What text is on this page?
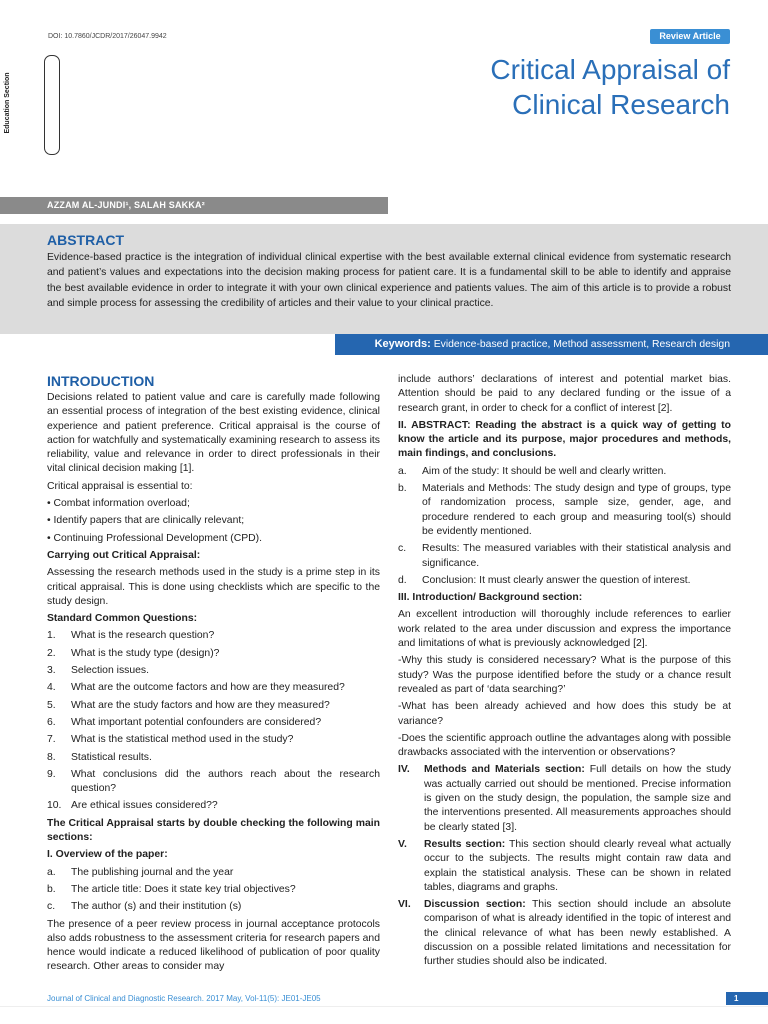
DOI: 10.7860/JCDR/2017/26047.9942	Review Article
Critical Appraisal of
Clinical Research
Education Section
AZZAM AL-JUNDI¹, SALAH SAKKA²
ABSTRACT
Evidence-based practice is the integration of individual clinical expertise with the best available external clinical evidence from systematic research and patient’s values and expectations into the decision making process for patient care. It is a fundamental skill to be able to identify and appraise the best available evidence in order to integrate it with your own clinical experience and patients values. The aim of this article is to provide a robust and simple process for assessing the credibility of articles and their value to your clinical practice.
Keywords: Evidence-based practice, Method assessment, Research design
INTRODUCTION

Decisions related to patient value and care is carefully made following an essential process of integration of the best existing evidence, clinical experience and patient preference. Critical appraisal is the course of action for watchfully and systematically examining research to assess its reliability, value and relevance in order to direct professionals in their vital clinical decision making [1].

Critical appraisal is essential to:

• Combat information overload;

• Identify papers that are clinically relevant;

• Continuing Professional Development (CPD).

Carrying out Critical Appraisal:

Assessing the research methods used in the study is a prime step in its critical appraisal. This is done using checklists which are specific to the study design.

Standard Common Questions:

1.	What is the research question?
2.	What is the study type (design)?
3.	Selection issues.
4.	What are the outcome factors and how are they measured?
5.	What are the study factors and how are they measured?
6.	What important potential confounders are considered?
7.	What is the statistical method used in the study?
8.	Statistical results.
9.	What conclusions did the authors reach about the research question?
10. Are ethical issues considered??

The Critical Appraisal starts by double checking the following main sections:

I. Overview of the paper:

a.	The publishing journal and the year
b.	The article title: Does it state key trial objectives?
c.	The author (s) and their institution (s)

The presence of a peer review process in journal acceptance protocols also adds robustness to the assessment criteria for research papers and hence would indicate a reduced likelihood of publication of poor quality research. Other areas to consider may

include authors’ declarations of interest and potential market bias. Attention should be paid to any declared funding or the issue of a research grant, in order to check for a conflict of interest [2].

II. ABSTRACT: Reading the abstract is a quick way of getting to know the article and its purpose, major procedures and methods, main findings, and conclusions.

a.	Aim of the study: It should be well and clearly written.
b.	Materials and Methods: The study design and type of groups, type of randomization process, sample size, gender, age, and procedure rendered to each group and measuring tool(s) should be evidently mentioned.
c.	Results: The measured variables with their statistical analysis and significance.
d.	Conclusion: It must clearly answer the question of interest.

III. Introduction/ Background section:

An excellent introduction will thoroughly include references to earlier work related to the area under discussion and express the importance and limitations of what is previously acknowledged [2].

-Why this study is considered necessary? What is the purpose of this study? Was the purpose identified before the study or a chance result revealed as part of ‘data searching?’

-What has been already achieved and how does this study be at variance?

-Does the scientific approach outline the advantages along with possible drawbacks associated with the intervention or observations?

IV.	Methods and Materials section: Full details on how the study was actually carried out should be mentioned. Precise information is given on the study design, the population, the sample size and the interventions presented. All measurements approaches should be clearly stated [3].
V.	Results section: This section should clearly reveal what actually occur to the subjects. The results might contain raw data and explain the statistical analysis. These can be shown in related tables, diagrams and graphs.
VI.	Discussion section: This section should include an absolute comparison of what is already identified in the topic of interest and the clinical relevance of what has been newly established. A discussion on a possible related limitations and necessitation for further studies should also be indicated.
Journal of Clinical and Diagnostic Research. 2017 May, Vol-11(5): JE01-JE05	1
